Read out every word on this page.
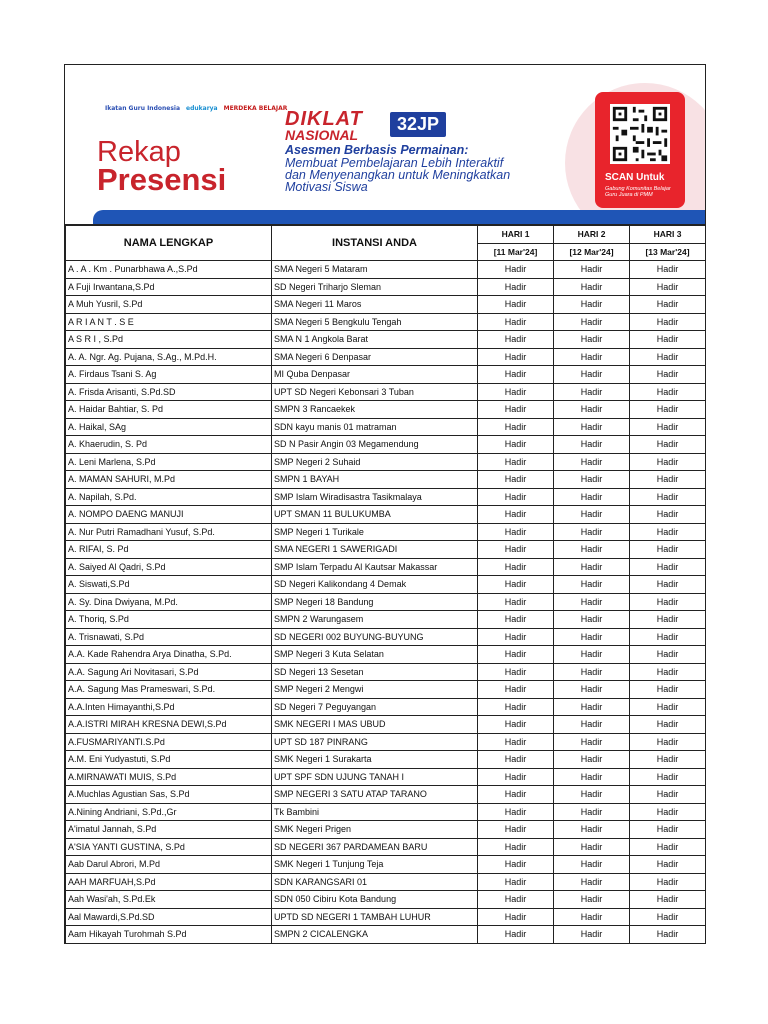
Ikatan Guru Indonesia edukarya MERDEKA BELAJAR
Rekap
Presensi
DIKLAT
NASIONAL
32JP
Asesmen Berbasis Permainan:
Membuat Pembelajaran Lebih Interaktif
dan Menyenangkan untuk Meningkatkan
Motivasi Siswa
SCAN Untuk
Gabung Komunitas Belajar Guru Juara di PMM
NAMA LENGKAP	INSTANSI ANDA	HARI 1	HARI 2	HARI 3
		[11 Mar'24]	[12 Mar'24]	[13 Mar'24]
A . A . Km . Punarbhawa A.,S.Pd	SMA Negeri 5 Mataram	Hadir	Hadir	Hadir
A Fuji Irwantana,S.Pd	SD Negeri Triharjo Sleman	Hadir	Hadir	Hadir
A Muh Yusril, S.Pd	SMA Negeri 11 Maros	Hadir	Hadir	Hadir
A R I A N T . S E	SMA Negeri 5 Bengkulu Tengah	Hadir	Hadir	Hadir
A S R I , S.Pd	SMA N 1 Angkola Barat	Hadir	Hadir	Hadir
A. A. Ngr. Ag. Pujana, S.Ag., M.Pd.H.	SMA Negeri 6 Denpasar	Hadir	Hadir	Hadir
A. Firdaus Tsani S. Ag	MI Quba Denpasar	Hadir	Hadir	Hadir
A. Frisda Arisanti, S.Pd.SD	UPT SD Negeri Kebonsari 3 Tuban	Hadir	Hadir	Hadir
A. Haidar Bahtiar, S. Pd	SMPN 3 Rancaekek	Hadir	Hadir	Hadir
A. Haikal, SAg	SDN kayu manis 01 matraman	Hadir	Hadir	Hadir
A. Khaerudin, S. Pd	SD N Pasir Angin 03 Megamendung	Hadir	Hadir	Hadir
A. Leni Marlena, S.Pd	SMP Negeri 2 Suhaid	Hadir	Hadir	Hadir
A. MAMAN SAHURI, M.Pd	SMPN 1 BAYAH	Hadir	Hadir	Hadir
A. Napilah, S.Pd.	SMP Islam Wiradisastra Tasikmalaya	Hadir	Hadir	Hadir
A. NOMPO DAENG MANUJI	UPT SMAN 11 BULUKUMBA	Hadir	Hadir	Hadir
A. Nur Putri Ramadhani Yusuf, S.Pd.	SMP Negeri 1 Turikale	Hadir	Hadir	Hadir
A. RIFAI, S. Pd	SMA NEGERI 1 SAWERIGADI	Hadir	Hadir	Hadir
A. Saiyed Al Qadri, S.Pd	SMP Islam Terpadu Al Kautsar Makassar	Hadir	Hadir	Hadir
A. Siswati,S.Pd	SD Negeri Kalikondang 4 Demak	Hadir	Hadir	Hadir
A. Sy. Dina Dwiyana, M.Pd.	SMP Negeri 18 Bandung	Hadir	Hadir	Hadir
A. Thoriq, S.Pd	SMPN 2 Warungasem	Hadir	Hadir	Hadir
A. Trisnawati, S.Pd	SD NEGERI 002 BUYUNG-BUYUNG	Hadir	Hadir	Hadir
A.A. Kade Rahendra Arya Dinatha, S.Pd.	SMP Negeri 3 Kuta Selatan	Hadir	Hadir	Hadir
A.A. Sagung Ari Novitasari, S.Pd	SD Negeri 13 Sesetan	Hadir	Hadir	Hadir
A.A. Sagung Mas Prameswari, S.Pd.	SMP Negeri 2 Mengwi	Hadir	Hadir	Hadir
A.A.Inten Himayanthi,S.Pd	SD Negeri 7 Peguyangan	Hadir	Hadir	Hadir
A.A.ISTRI MIRAH KRESNA DEWI,S.Pd	SMK NEGERI I MAS UBUD	Hadir	Hadir	Hadir
A.FUSMARIYANTI.S.Pd	UPT SD 187 PINRANG	Hadir	Hadir	Hadir
A.M. Eni Yudyastuti, S.Pd	SMK Negeri 1 Surakarta	Hadir	Hadir	Hadir
A.MIRNAWATI MUIS, S.Pd	UPT SPF SDN UJUNG TANAH I	Hadir	Hadir	Hadir
A.Muchlas Agustian Sas, S.Pd	SMP NEGERI 3 SATU ATAP TARANO	Hadir	Hadir	Hadir
A.Nining Andriani, S.Pd.,Gr	Tk Bambini	Hadir	Hadir	Hadir
A'imatul Jannah, S.Pd	SMK Negeri Prigen	Hadir	Hadir	Hadir
A'SIA YANTI GUSTINA, S.Pd	SD NEGERI 367 PARDAMEAN BARU	Hadir	Hadir	Hadir
Aab Darul Abrori, M.Pd	SMK Negeri 1 Tunjung Teja	Hadir	Hadir	Hadir
AAH MARFUAH,S.Pd	SDN KARANGSARI 01	Hadir	Hadir	Hadir
Aah Wasi'ah, S.Pd.Ek	SDN 050 Cibiru Kota Bandung	Hadir	Hadir	Hadir
Aal Mawardi,S.Pd.SD	UPTD SD NEGERI 1 TAMBAH LUHUR	Hadir	Hadir	Hadir
Aam Hikayah Turohmah S.Pd	SMPN 2 CICALENGKA	Hadir	Hadir	Hadir
